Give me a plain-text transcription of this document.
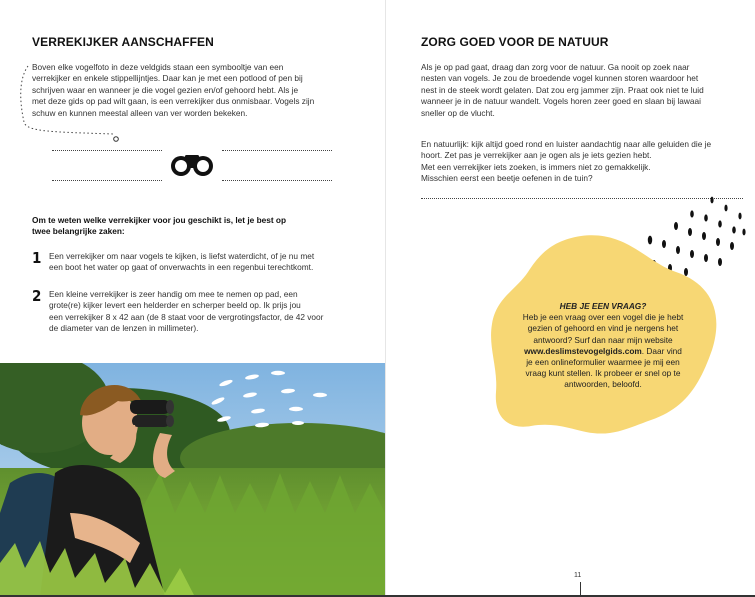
VERREKIJKER AANSCHAFFEN

Boven elke vogelfoto in deze veldgids staan een symbooltje van een
verrekijker en enkele stippellijntjes. Daar kan je met een potlood of pen bij
schrijven waar en wanneer je die vogel gezien en/of gehoord hebt. Als je
met deze gids op pad wilt gaan, is een verrekijker dus onmisbaar. Vogels zijn
schuw en kunnen meestal alleen van ver worden bekeken.

Om te weten welke verrekijker voor jou geschikt is, let je best op
twee belangrijke zaken:

1 Een verrekijker om naar vogels te kijken, is liefst waterdicht, of je nu met
een boot het water op gaat of onverwachts in een regenbui terechtkomt.
2 Een kleine verrekijker is zeer handig om mee te nemen op pad, een
grote(re) kijker levert een helderder en scherper beeld op. Ik prijs jou
een verrekijker 8 x 42 aan (de 8 staat voor de vergrotingsfactor, de 42 voor
de diameter van de lenzen in millimeter).
ZORG GOED VOOR DE NATUUR

Als je op pad gaat, draag dan zorg voor de natuur. Ga nooit op zoek naar
nesten van vogels. Je zou de broedende vogel kunnen storen waardoor het
nest in de steek wordt gelaten. Dat zou erg jammer zijn. Praat ook niet te luid
wanneer je in de natuur wandelt. Vogels horen zeer goed en slaan bij lawaai
sneller op de vlucht.

En natuurlijk: kijk altijd goed rond en luister aandachtig naar alle geluiden die je
hoort. Zet pas je verrekijker aan je ogen als je iets gezien hebt.
Met een verrekijker iets zoeken, is immers niet zo gemakkelijk.
Misschien eerst een beetje oefenen in de tuin?

HEB JE EEN VRAAG?
Heb je een vraag over een vogel die je hebt
gezien of gehoord en vind je nergens het
antwoord? Surf dan naar mijn website
www.deslimstevogelgids.com. Daar vind
je een onlineformulier waarmee je mij een
vraag kunt stellen. Ik probeer er snel op te
antwoorden, beloofd.
11
